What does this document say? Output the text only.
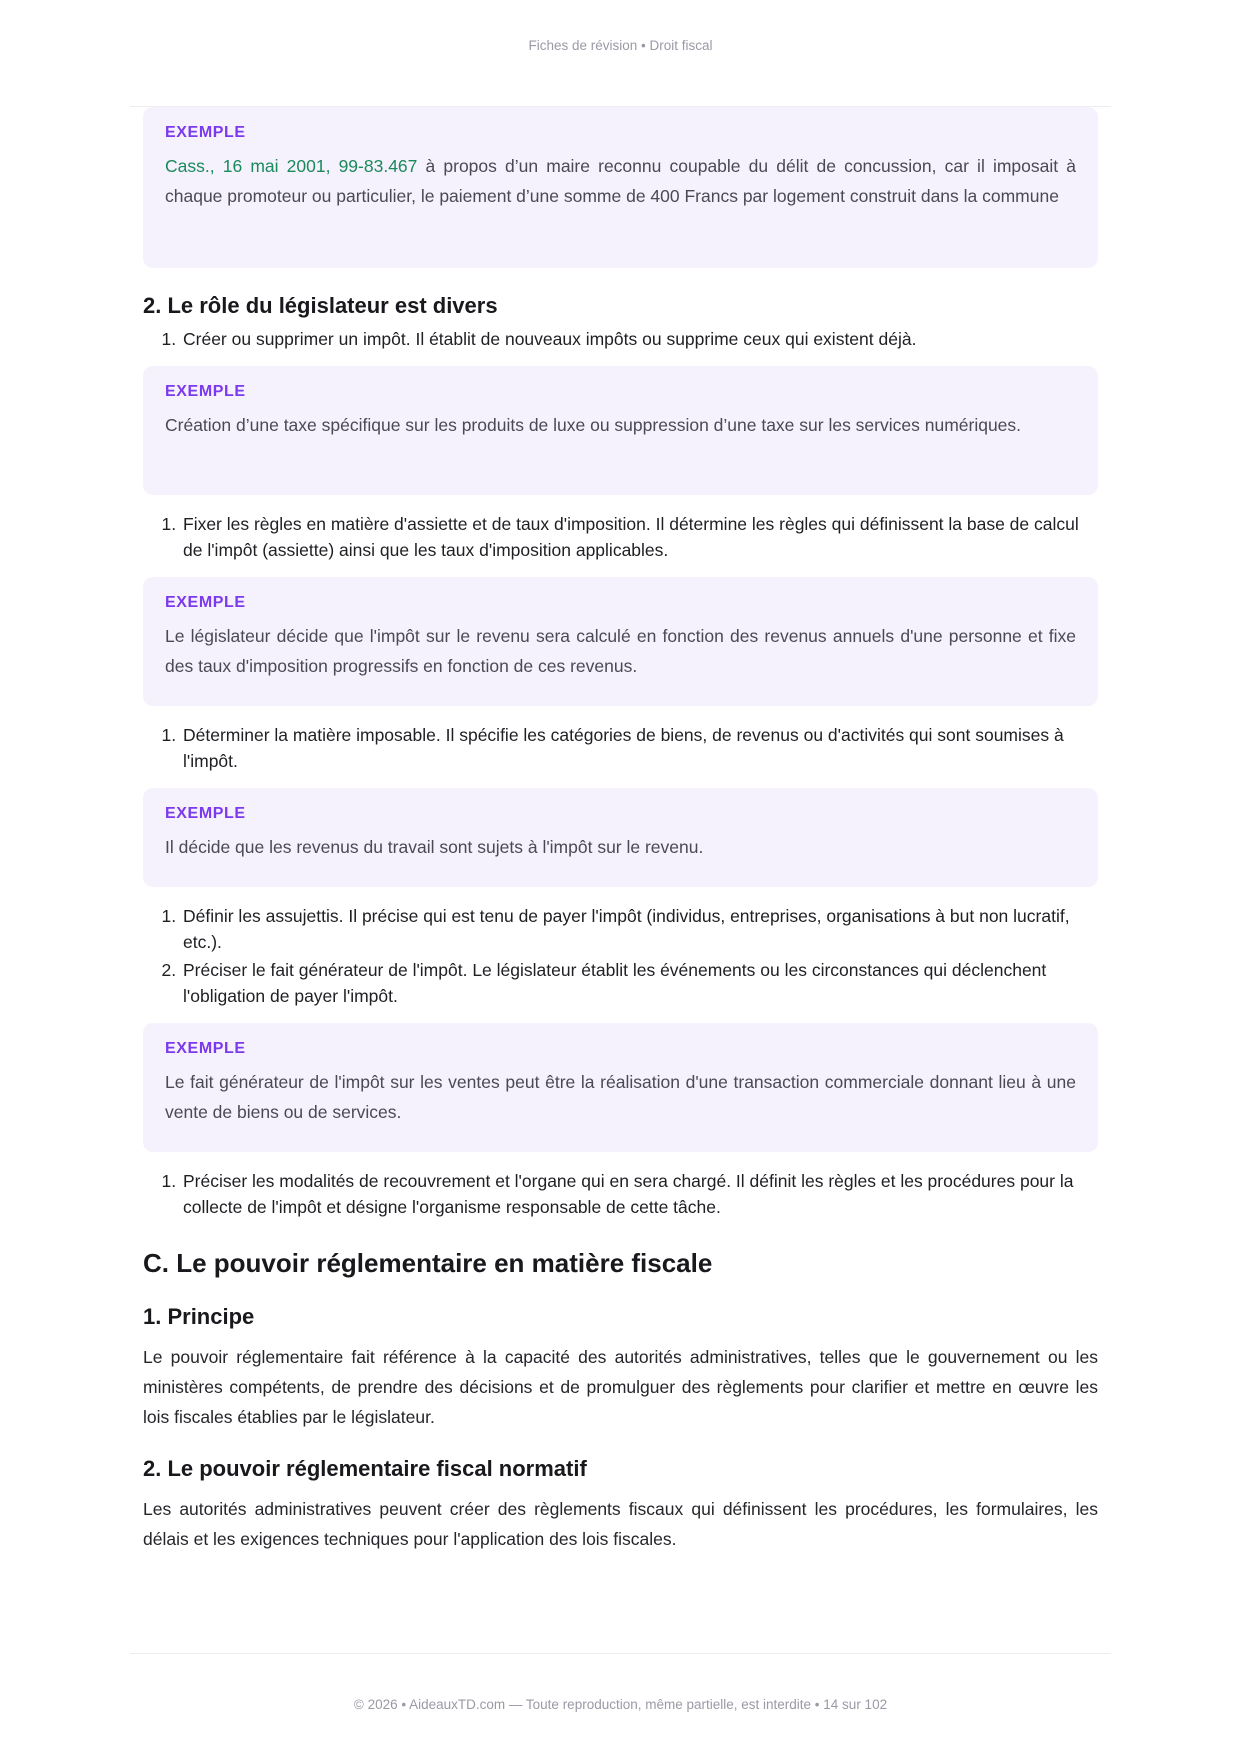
Fiches de révision • Droit fiscal
EXEMPLE

Cass., 16 mai 2001, 99-83.467 à propos d’un maire reconnu coupable du délit de concussion, car il imposait à chaque promoteur ou particulier, le paiement d’une somme de 400 Francs par logement construit dans la commune

2. Le rôle du législateur est divers
1. Créer ou supprimer un impôt. Il établit de nouveaux impôts ou supprime ceux qui existent déjà.
EXEMPLE

Création d’une taxe spécifique sur les produits de luxe ou suppression d’une taxe sur les services numériques.

1. Fixer les règles en matière d'assiette et de taux d'imposition. Il détermine les règles qui définissent la base de calcul de l'impôt (assiette) ainsi que les taux d'imposition applicables.
EXEMPLE

Le législateur décide que l'impôt sur le revenu sera calculé en fonction des revenus annuels d'une personne et fixe des taux d'imposition progressifs en fonction de ces revenus.

1. Déterminer la matière imposable. Il spécifie les catégories de biens, de revenus ou d'activités qui sont soumises à l'impôt.
EXEMPLE

Il décide que les revenus du travail sont sujets à l'impôt sur le revenu.

1. Définir les assujettis. Il précise qui est tenu de payer l'impôt (individus, entreprises, organisations à but non lucratif, etc.).
2. Préciser le fait générateur de l'impôt. Le législateur établit les événements ou les circonstances qui déclenchent l'obligation de payer l'impôt.
EXEMPLE

Le fait générateur de l'impôt sur les ventes peut être la réalisation d'une transaction commerciale donnant lieu à une vente de biens ou de services.

1. Préciser les modalités de recouvrement et l'organe qui en sera chargé. Il définit les règles et les procédures pour la collecte de l'impôt et désigne l'organisme responsable de cette tâche.
C. Le pouvoir réglementaire en matière fiscale
1. Principe

Le pouvoir réglementaire fait référence à la capacité des autorités administratives, telles que le gouvernement ou les ministères compétents, de prendre des décisions et de promulguer des règlements pour clarifier et mettre en œuvre les lois fiscales établies par le législateur.

2. Le pouvoir réglementaire fiscal normatif

Les autorités administratives peuvent créer des règlements fiscaux qui définissent les procédures, les formulaires, les délais et les exigences techniques pour l'application des lois fiscales.

© 2026 • AideauxTD.com — Toute reproduction, même partielle, est interdite • 14 sur 102
